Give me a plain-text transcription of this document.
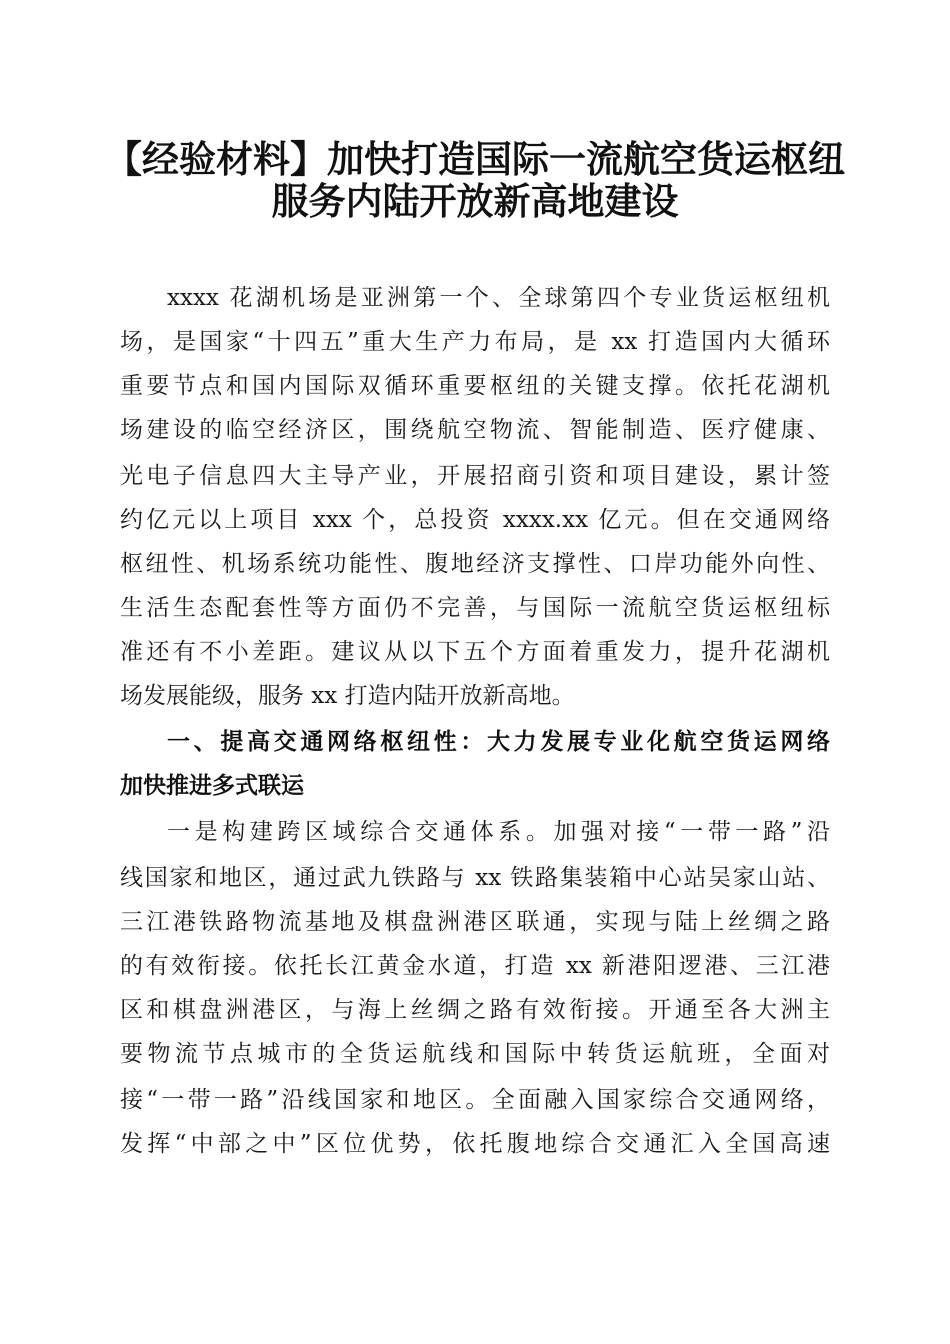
【经验材料】加快打造国际一流航空货运枢纽
服务内陆开放新高地建设
xxxx 花湖机场是亚洲第一个、全球第四个专业货运枢纽机
场，是国家“十四五”重大生产力布局，是 xx 打造国内大循环
重要节点和国内国际双循环重要枢纽的关键支撑。依托花湖机
场建设的临空经济区，围绕航空物流、智能制造、医疗健康、
光电子信息四大主导产业，开展招商引资和项目建设，累计签
约亿元以上项目 xxx 个，总投资 xxxx.xx 亿元。但在交通网络
枢纽性、机场系统功能性、腹地经济支撑性、口岸功能外向性、
生活生态配套性等方面仍不完善，与国际一流航空货运枢纽标
准还有不小差距。建议从以下五个方面着重发力，提升花湖机
场发展能级，服务 xx 打造内陆开放新高地。
一、提高交通网络枢纽性：大力发展专业化航空货运网络
加快推进多式联运
一是构建跨区域综合交通体系。加强对接“一带一路”沿
线国家和地区，通过武九铁路与 xx 铁路集装箱中心站吴家山站、
三江港铁路物流基地及棋盘洲港区联通，实现与陆上丝绸之路
的有效衔接。依托长江黄金水道，打造 xx 新港阳逻港、三江港
区和棋盘洲港区，与海上丝绸之路有效衔接。开通至各大洲主
要物流节点城市的全货运航线和国际中转货运航班，全面对
接“一带一路”沿线国家和地区。全面融入国家综合交通网络，
发挥“中部之中”区位优势，依托腹地综合交通汇入全国高速
